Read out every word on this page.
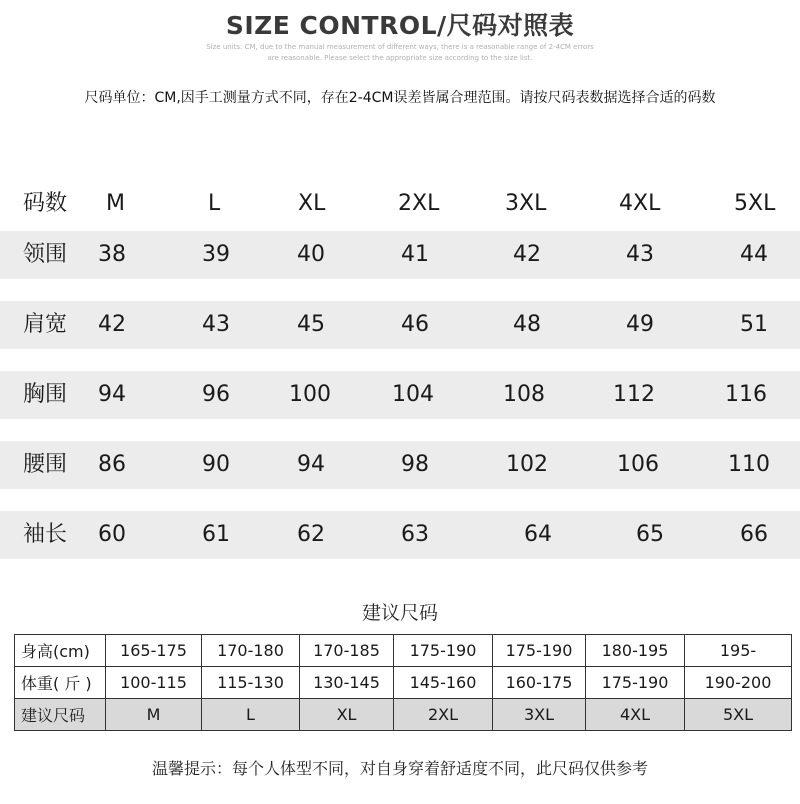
SIZE CONTROL/尺码对照表
Size units: CM, due to the manual measurement of different ways, there is a reasonable range of 2-4CM errors
are reasonable. Please select the appropriate size according to the size list.
尺码单位：CM,因手工测量方式不同，存在2-4CM误差皆属合理范围。请按尺码表数据选择合适的码数
码数 M	L	XL	2XL	3XL	4XL	5XL
领围 38	39	40	41	42	43	44
肩宽 42	43	45	46	48	49	51
胸围 94	96	100	104	108	112	116
腰围 86	90	94	98	102	106	110
袖长 60	61	62	63	64	65	66
建议尺码
身高(cm)	165-175	170-180	170-185	175-190	175-190	180-195	195-
体重( 斤 )	100-115	115-130	130-145	145-160	160-175	175-190	190-200
建议尺码	M	L	XL	2XL	3XL	4XL	5XL
温馨提示：每个人体型不同，对自身穿着舒适度不同，此尺码仅供参考
